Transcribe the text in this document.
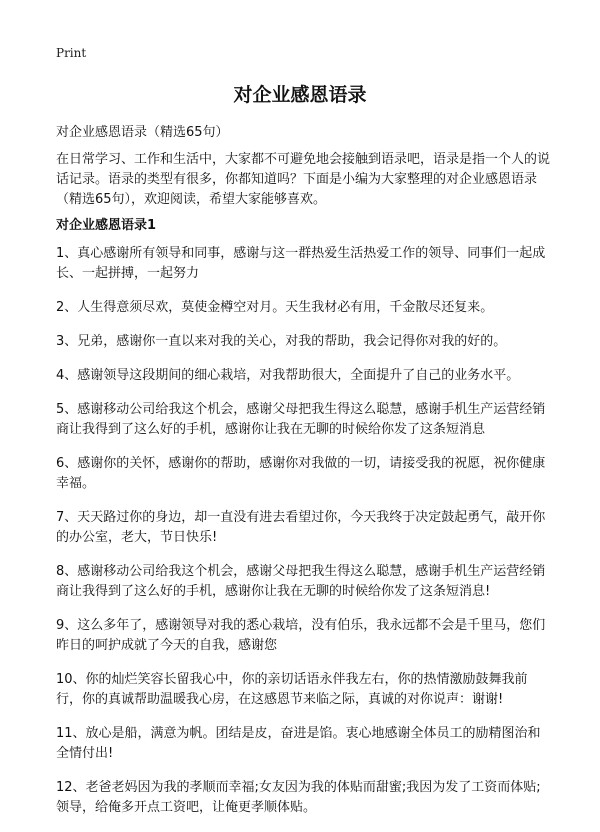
Print
对企业感恩语录

对企业感恩语录（精选65句）

在日常学习、工作和生活中，大家都不可避免地会接触到语录吧，语录是指一个人的说话记录。语录的类型有很多，你都知道吗？下面是小编为大家整理的对企业感恩语录（精选65句），欢迎阅读，希望大家能够喜欢。

对企业感恩语录1
1、真心感谢所有领导和同事，感谢与这一群热爱生活热爱工作的领导、同事们一起成长、一起拼搏，一起努力
2、人生得意须尽欢，莫使金樽空对月。天生我材必有用，千金散尽还复来。
3、兄弟，感谢你一直以来对我的关心，对我的帮助，我会记得你对我的好的。
4、感谢领导这段期间的细心栽培，对我帮助很大，全面提升了自己的业务水平。
5、感谢移动公司给我这个机会，感谢父母把我生得这么聪慧，感谢手机生产运营经销商让我得到了这么好的手机，感谢你让我在无聊的时候给你发了这条短消息
6、感谢你的关怀，感谢你的帮助，感谢你对我做的一切，请接受我的祝愿，祝你健康幸福。
7、天天路过你的身边，却一直没有进去看望过你，今天我终于决定鼓起勇气，敲开你的办公室，老大，节日快乐!
8、感谢移动公司给我这个机会，感谢父母把我生得这么聪慧，感谢手机生产运营经销商让我得到了这么好的手机，感谢你让我在无聊的时候给你发了这条短消息!
9、这么多年了，感谢领导对我的悉心栽培，没有伯乐，我永远都不会是千里马，您们昨日的呵护成就了今天的自我，感谢您
10、你的灿烂笑容长留我心中，你的亲切话语永伴我左右，你的热情激励鼓舞我前行，你的真诚帮助温暖我心房，在这感恩节来临之际，真诚的对你说声：谢谢!
11、放心是船，满意为帆。团结是皮，奋进是馅。衷心地感谢全体员工的励精图治和全情付出!
12、老爸老妈因为我的孝顺而幸福;女友因为我的体贴而甜蜜;我因为发了工资而体贴;领导，给俺多开点工资吧，让俺更孝顺体贴。
